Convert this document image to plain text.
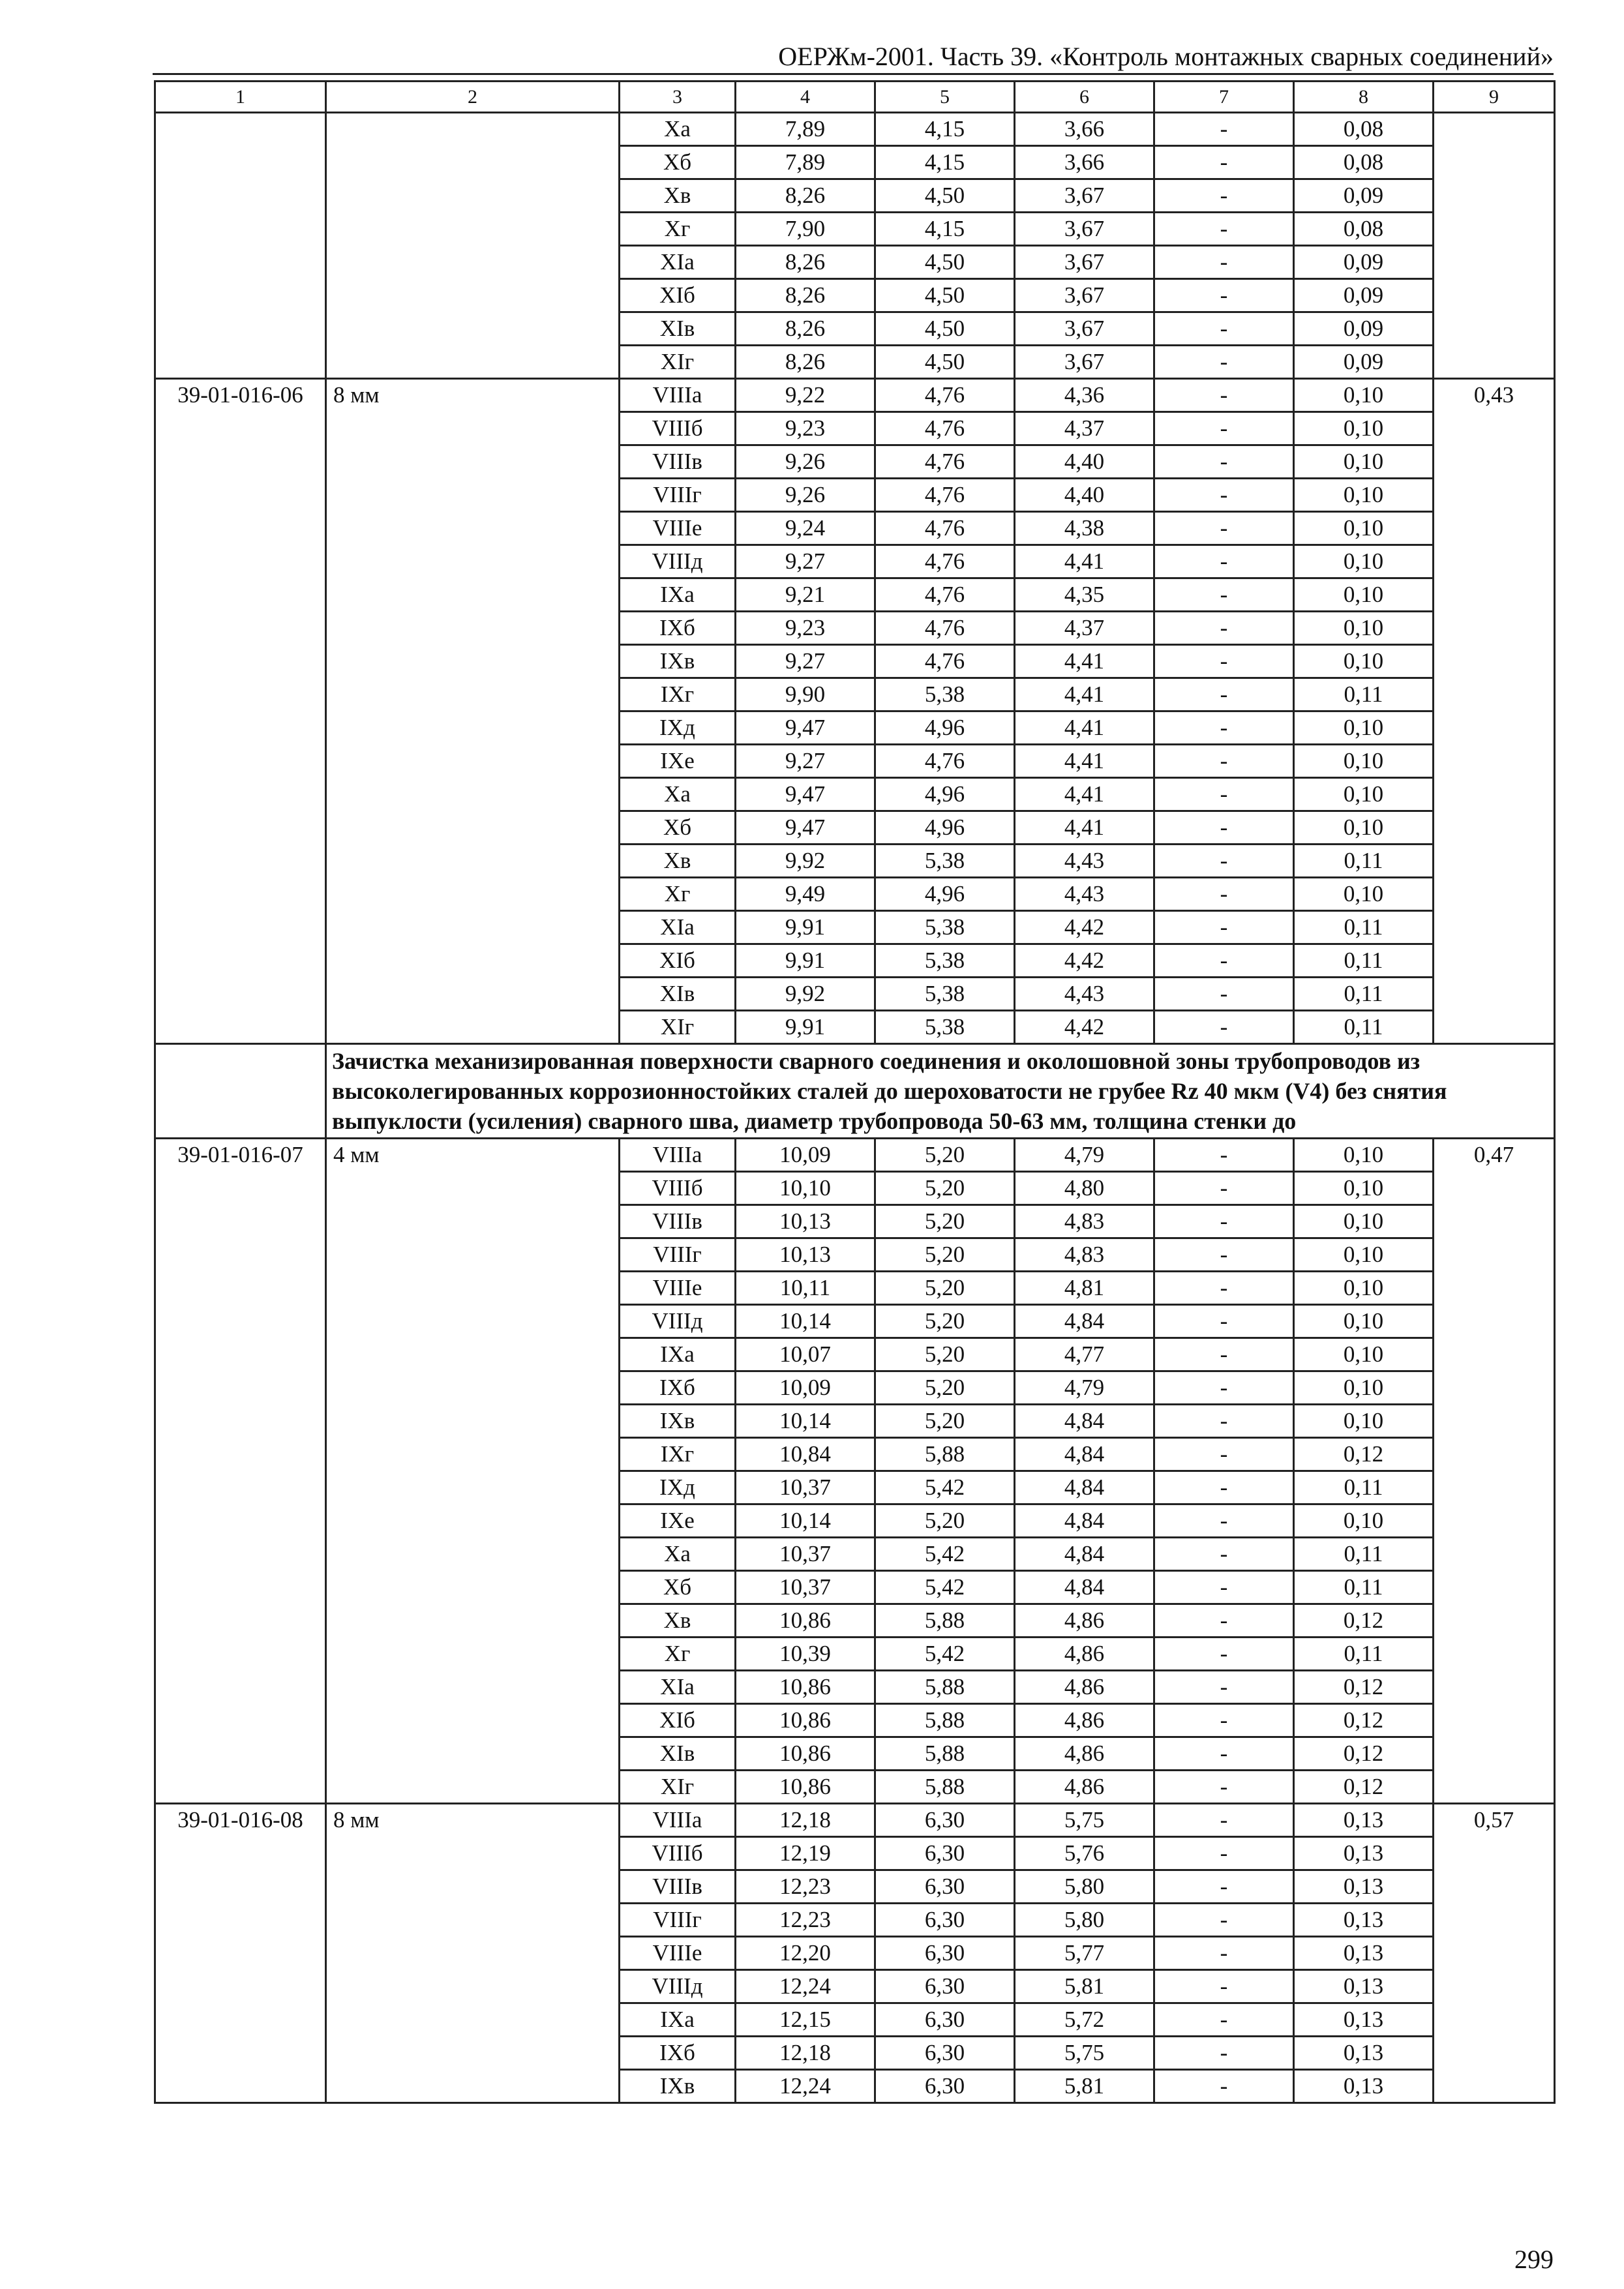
ОЕРЖм-2001. Часть 39. «Контроль монтажных сварных соединений»
1	2	3	4	5	6	7	8	9
		Xa	7,89	4,15	3,66	-	0,08	
		Xб	7,89	4,15	3,66	-	0,08	
		Xв	8,26	4,50	3,67	-	0,09	
		Xг	7,90	4,15	3,67	-	0,08	
		XIa	8,26	4,50	3,67	-	0,09	
		XIб	8,26	4,50	3,67	-	0,09	
		XIв	8,26	4,50	3,67	-	0,09	
		XIг	8,26	4,50	3,67	-	0,09	
39-01-016-06	8 мм	VIIIa	9,22	4,76	4,36	-	0,10	0,43
		VIIIб	9,23	4,76	4,37	-	0,10	
		VIIIв	9,26	4,76	4,40	-	0,10	
		VIIIг	9,26	4,76	4,40	-	0,10	
		VIIIe	9,24	4,76	4,38	-	0,10	
		VIIIд	9,27	4,76	4,41	-	0,10	
		IXa	9,21	4,76	4,35	-	0,10	
		IXб	9,23	4,76	4,37	-	0,10	
		IXв	9,27	4,76	4,41	-	0,10	
		IXг	9,90	5,38	4,41	-	0,11	
		IXд	9,47	4,96	4,41	-	0,10	
		IXe	9,27	4,76	4,41	-	0,10	
		Xa	9,47	4,96	4,41	-	0,10	
		Xб	9,47	4,96	4,41	-	0,10	
		Xв	9,92	5,38	4,43	-	0,11	
		Xг	9,49	4,96	4,43	-	0,10	
		XIa	9,91	5,38	4,42	-	0,11	
		XIб	9,91	5,38	4,42	-	0,11	
		XIв	9,92	5,38	4,43	-	0,11	
		XIг	9,91	5,38	4,42	-	0,11	
	Зачистка механизированная поверхности сварного соединения и околошовной зоны трубопроводов из высоколегированных коррозионностойких сталей до шероховатости не грубее Rz 40 мкм (V4) без снятия выпуклости (усиления) сварного шва, диаметр трубопровода 50-63 мм, толщина стенки до							
39-01-016-07	4 мм	VIIIa	10,09	5,20	4,79	-	0,10	0,47
		VIIIб	10,10	5,20	4,80	-	0,10	
		VIIIв	10,13	5,20	4,83	-	0,10	
		VIIIг	10,13	5,20	4,83	-	0,10	
		VIIIe	10,11	5,20	4,81	-	0,10	
		VIIIд	10,14	5,20	4,84	-	0,10	
		IXa	10,07	5,20	4,77	-	0,10	
		IXб	10,09	5,20	4,79	-	0,10	
		IXв	10,14	5,20	4,84	-	0,10	
		IXг	10,84	5,88	4,84	-	0,12	
		IXд	10,37	5,42	4,84	-	0,11	
		IXe	10,14	5,20	4,84	-	0,10	
		Xa	10,37	5,42	4,84	-	0,11	
		Xб	10,37	5,42	4,84	-	0,11	
		Xв	10,86	5,88	4,86	-	0,12	
		Xг	10,39	5,42	4,86	-	0,11	
		XIa	10,86	5,88	4,86	-	0,12	
		XIб	10,86	5,88	4,86	-	0,12	
		XIв	10,86	5,88	4,86	-	0,12	
		XIг	10,86	5,88	4,86	-	0,12	
39-01-016-08	8 мм	VIIIa	12,18	6,30	5,75	-	0,13	0,57
		VIIIб	12,19	6,30	5,76	-	0,13	
		VIIIв	12,23	6,30	5,80	-	0,13	
		VIIIг	12,23	6,30	5,80	-	0,13	
		VIIIe	12,20	6,30	5,77	-	0,13	
		VIIIд	12,24	6,30	5,81	-	0,13	
		IXa	12,15	6,30	5,72	-	0,13	
		IXб	12,18	6,30	5,75	-	0,13	
		IXв	12,24	6,30	5,81	-	0,13	
299
